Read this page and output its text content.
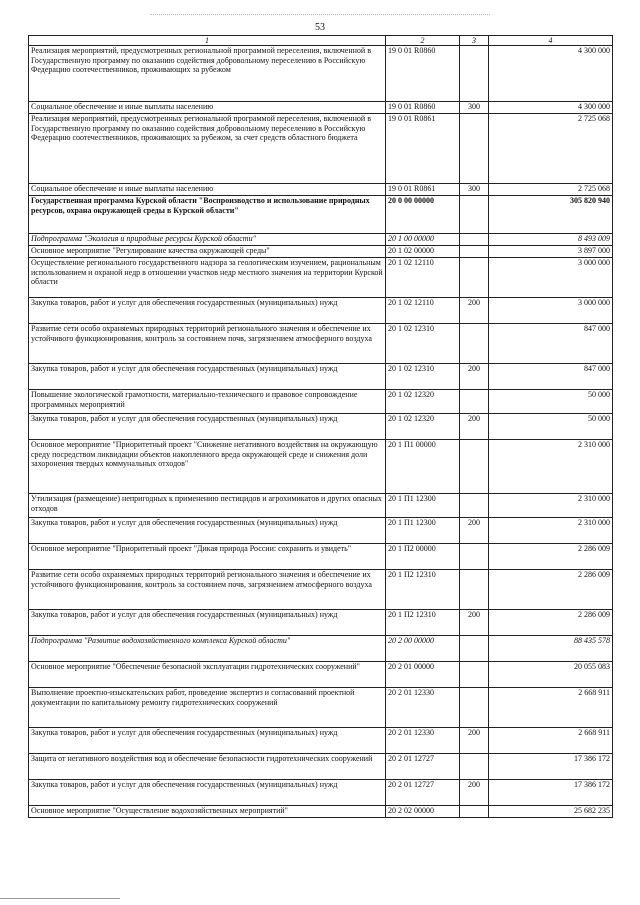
53
1	2	3	4
Реализация мероприятий, предусмотренных региональной программой переселения, включенной в Государственную программу по оказанию содействия добровольному переселению в Российскую Федерацию соотечественников, проживающих за рубежом	19 0 01 R0860		4 300 000
Социальное обеспечение и иные выплаты населению	19 0 01 R0860	300	4 300 000
Реализация мероприятий, предусмотренных региональной программой переселения, включенной в Государственную программу по оказанию содействия добровольному переселению в Российскую Федерацию соотечественников, проживающих за рубежом, за счет средств областного бюджета	19 0 01 R0861		2 725 068
Социальное обеспечение и иные выплаты населению	19 0 01 R0861	300	2 725 068
Государственная программа Курской области "Воспроизводство и использование природных ресурсов, охрана окружающей среды в Курской области"	20 0 00 00000		305 820 940
Подпрограмма "Экология и природные ресурсы Курской области"	20 1 00 00000		8 493 009
Основное мероприятие "Регулирование качества окружающей среды"	20 1 02 00000		3 897 000
Осуществление регионального государственного надзора за геологическим изучением, рациональным использованием и охраной недр в отношении участков недр местного значения на территории Курской области	20 1 02 12110		3 000 000
Закупка товаров, работ и услуг для обеспечения государственных (муниципальных) нужд	20 1 02 12110	200	3 000 000
Развитие сети особо охраняемых природных территорий регионального значения и обеспечение их устойчивого функционирования, контроль за состоянием почв, загрязнением атмосферного воздуха	20 1 02 12310		847 000
Закупка товаров, работ и услуг для обеспечения государственных (муниципальных) нужд	20 1 02 12310	200	847 000
Повышение экологической грамотности, материально-технического и правовое сопровождение программных мероприятий	20 1 02 12320		50 000
Закупка товаров, работ и услуг для обеспечения государственных (муниципальных) нужд	20 1 02 12320	200	50 000
Основное мероприятие "Приоритетный проект "Снижение негативного воздействия на окружающую среду посредством ликвидации объектов накопленного вреда окружающей среде и снижения доли захоронения твердых коммунальных отходов"	20 1 П1 00000		2 310 000
Утилизация (размещение) непригодных к применению пестицидов и агрохимикатов и других опасных отходов	20 1 П1 12300		2 310 000
Закупка товаров, работ и услуг для обеспечения государственных (муниципальных) нужд	20 1 П1 12300	200	2 310 000
Основное мероприятие "Приоритетный проект "Дикая природа России: сохранить и увидеть"	20 1 П2 00000		2 286 009
Развитие сети особо охраняемых природных территорий регионального значения и обеспечение их устойчивого функционирования, контроль за состоянием почв, загрязнением атмосферного воздуха	20 1 П2 12310		2 286 009
Закупка товаров, работ и услуг для обеспечения государственных (муниципальных) нужд	20 1 П2 12310	200	2 286 009
Подпрограмма "Развитие водохозяйственного комплекса Курской области"	20 2 00 00000		88 435 578
Основное мероприятие "Обеспечение безопасной эксплуатации гидротехнических сооружений"	20 2 01 00000		20 055 083
Выполнение проектно-изыскательских работ, проведение экспертиз и согласований проектной документации по капитальному ремонту гидротехнических сооружений	20 2 01 12330		2 668 911
Закупка товаров, работ и услуг для обеспечения государственных (муниципальных) нужд	20 2 01 12330	200	2 668 911
Защита от негативного воздействия вод и обеспечение безопасности гидротехнических сооружений	20 2 01 12727		17 386 172
Закупка товаров, работ и услуг для обеспечения государственных (муниципальных) нужд	20 2 01 12727	200	17 386 172
Основное мероприятие "Осуществление водохозяйственных мероприятий"	20 2 02 00000		25 682 235
